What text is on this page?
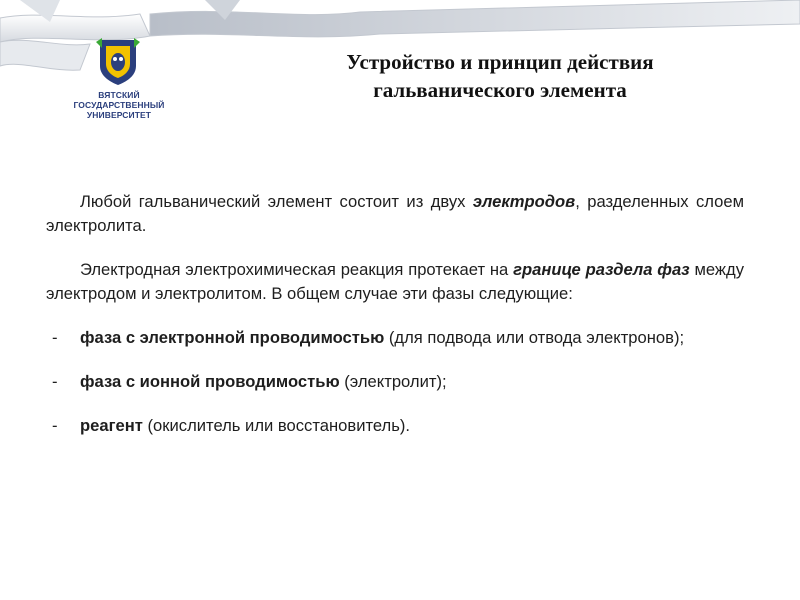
ВЯТСКИЙ
ГОСУДАРСТВЕННЫЙ
УНИВЕРСИТЕТ
Устройство и принцип действия
гальванического элемента

Любой гальванический элемент состоит из двух электродов, разделенных слоем электролита.

Электродная электрохимическая реакция протекает на границе раздела фаз между электродом и электролитом. В общем случае эти фазы следующие:

- фаза с электронной проводимостью (для подвода или отвода электронов);
- фаза с ионной проводимостью (электролит);
- реагент (окислитель или восстановитель).
